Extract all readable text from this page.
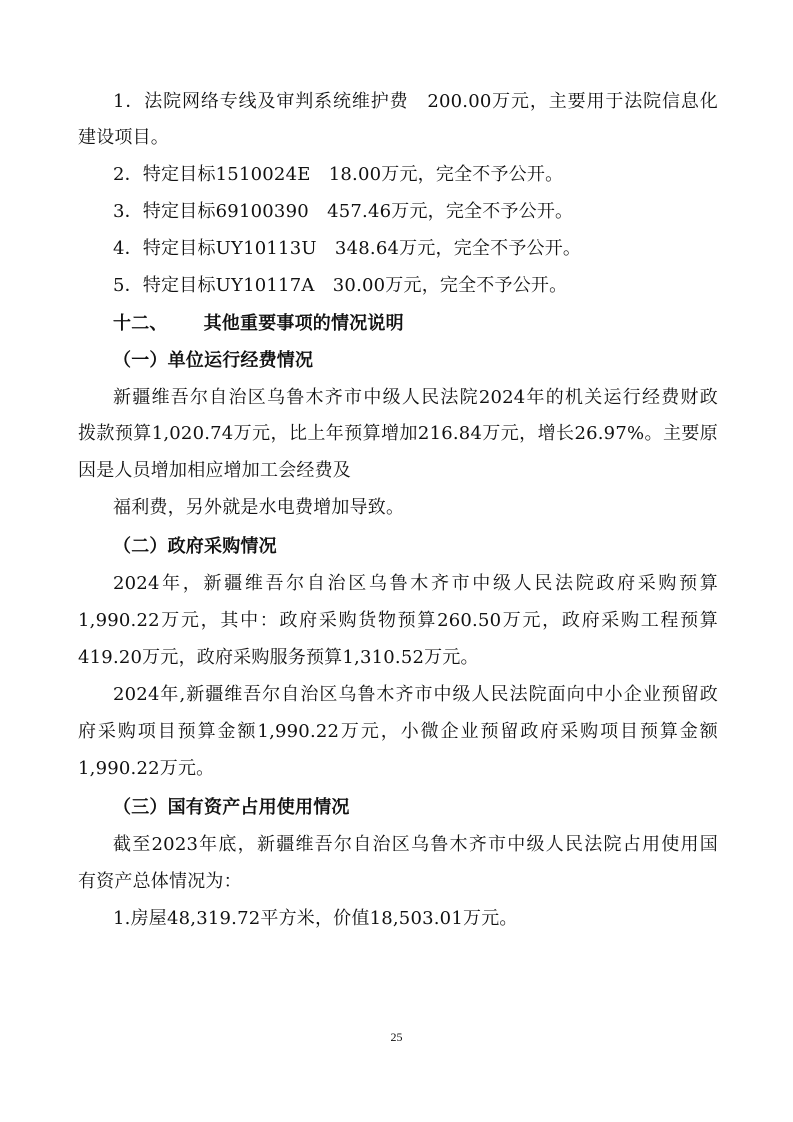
1．法院网络专线及审判系统维护费　200.00万元，主要用于法院信息化
建设项目。
2．特定目标1510024E　18.00万元，完全不予公开。
3．特定目标69100390　457.46万元，完全不予公开。
4．特定目标UY10113U　348.64万元，完全不予公开。
5．特定目标UY10117A　30.00万元，完全不予公开。
十二、 其他重要事项的情况说明
（一）单位运行经费情况
新疆维吾尔自治区乌鲁木齐市中级人民法院2024年的机关运行经费财政
拨款预算1,020.74万元，比上年预算增加216.84万元，增长26.97%。主要原
因是人员增加相应增加工会经费及
福利费，另外就是水电费增加导致。
（二）政府采购情况
2024年，新疆维吾尔自治区乌鲁木齐市中级人民法院政府采购预算
1,990.22万元，其中：政府采购货物预算260.50万元，政府采购工程预算
419.20万元，政府采购服务预算1,310.52万元。
2024年,新疆维吾尔自治区乌鲁木齐市中级人民法院面向中小企业预留政
府采购项目预算金额1,990.22万元，小微企业预留政府采购项目预算金额
1,990.22万元。
（三）国有资产占用使用情况
截至2023年底，新疆维吾尔自治区乌鲁木齐市中级人民法院占用使用国
有资产总体情况为：
1.房屋48,319.72平方米，价值18,503.01万元。
25
